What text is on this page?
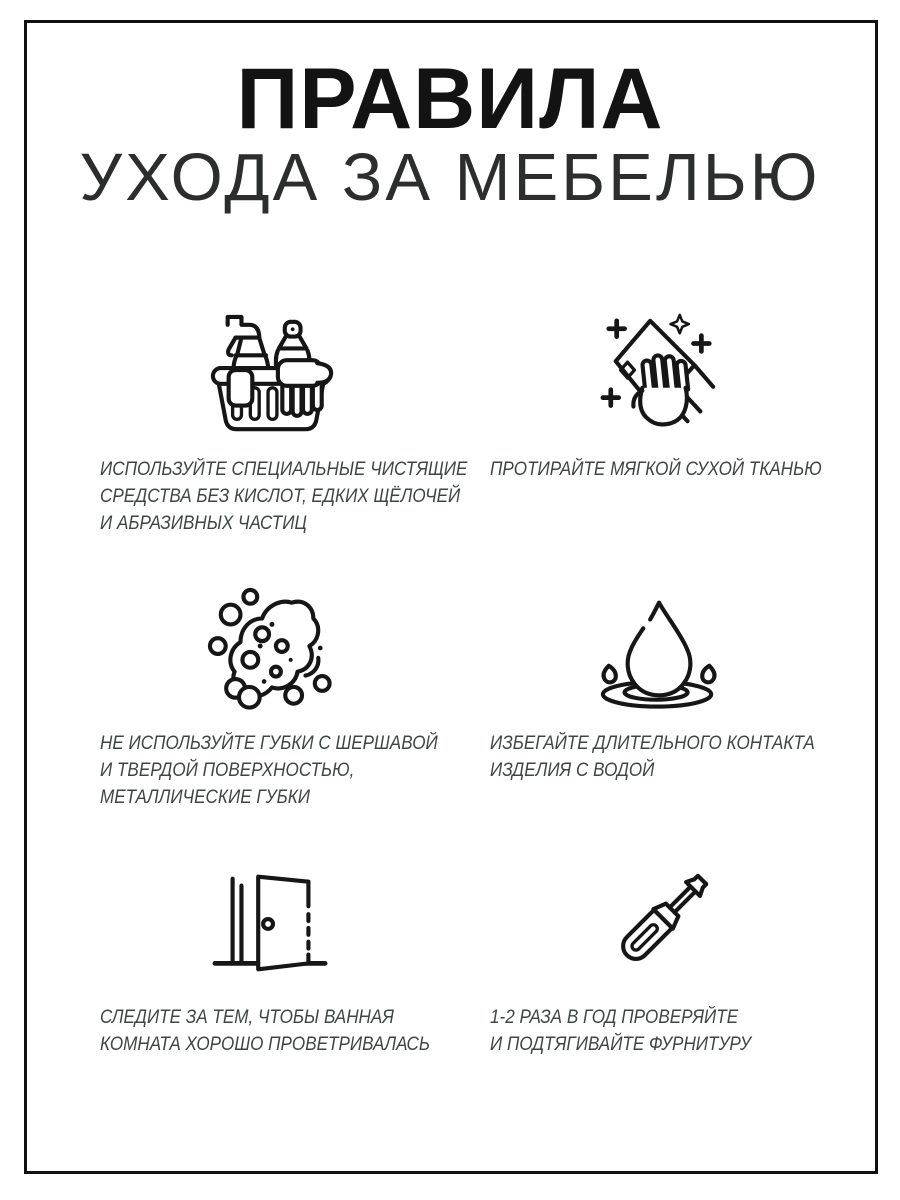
ПРАВИЛА
УХОДА ЗА МЕБЕЛЬЮ
ИСПОЛЬЗУЙТЕ СПЕЦИАЛЬНЫЕ ЧИСТЯЩИЕ
СРЕДСТВА БЕЗ КИСЛОТ, ЕДКИХ ЩЁЛОЧЕЙ
И АБРАЗИВНЫХ ЧАСТИЦ
ПРОТИРАЙТЕ МЯГКОЙ СУХОЙ ТКАНЬЮ
НЕ ИСПОЛЬЗУЙТЕ ГУБКИ С ШЕРШАВОЙ
И ТВЕРДОЙ ПОВЕРХНОСТЬЮ,
МЕТАЛЛИЧЕСКИЕ ГУБКИ
ИЗБЕГАЙТЕ ДЛИТЕЛЬНОГО КОНТАКТА
ИЗДЕЛИЯ С ВОДОЙ
СЛЕДИТЕ ЗА ТЕМ, ЧТОБЫ ВАННАЯ
КОМНАТА ХОРОШО ПРОВЕТРИВАЛАСЬ
1-2 РАЗА В ГОД ПРОВЕРЯЙТЕ
И ПОДТЯГИВАЙТЕ ФУРНИТУРУ
